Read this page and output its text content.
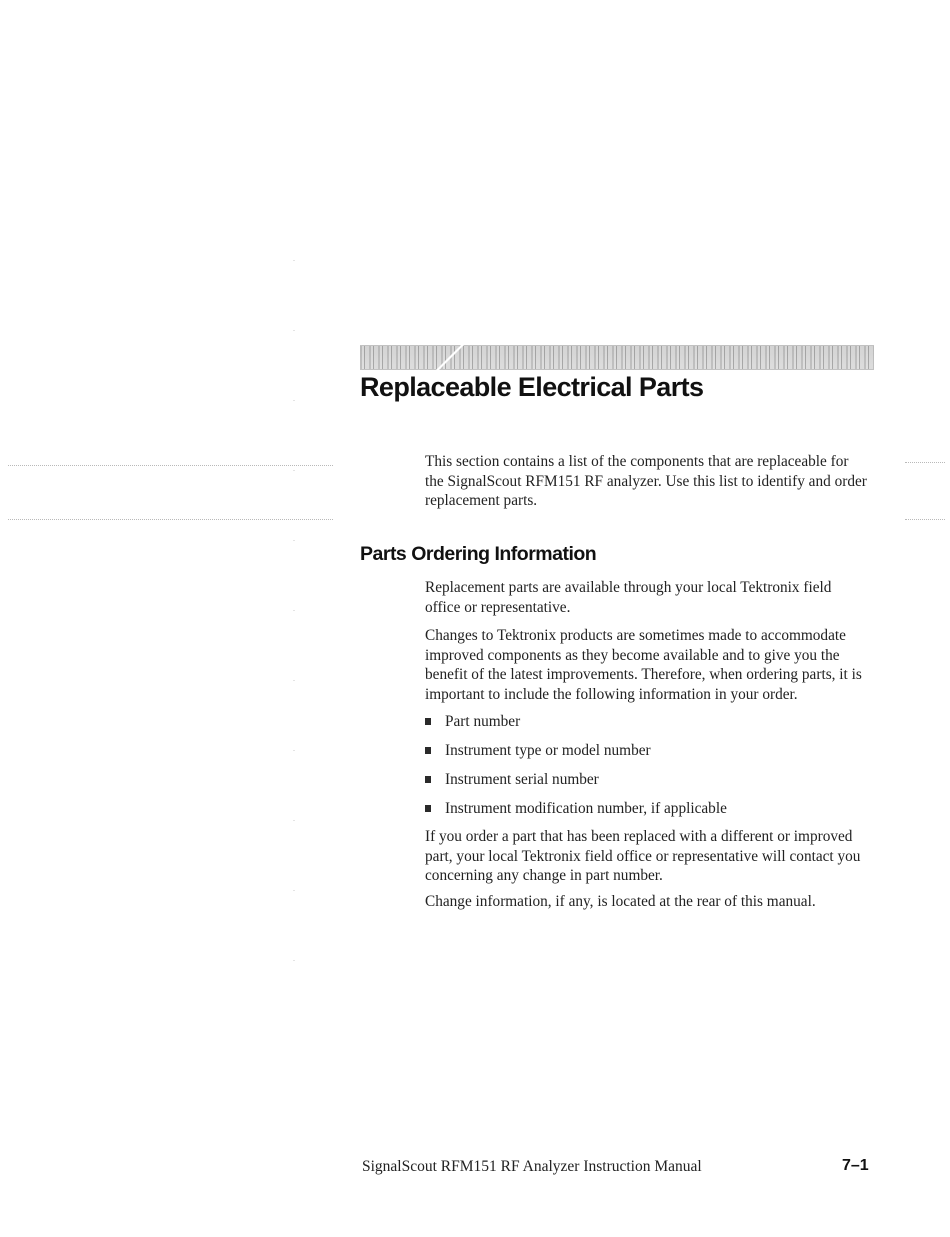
Replaceable Electrical Parts

This section contains a list of the components that are replaceable for the SignalScout RFM151 RF analyzer. Use this list to identify and order replacement parts.

Parts Ordering Information

Replacement parts are available through your local Tektronix field office or representative.

Changes to Tektronix products are sometimes made to accommodate improved components as they become available and to give you the benefit of the latest improvements. Therefore, when ordering parts, it is important to include the following information in your order.

Part number
Instrument type or model number
Instrument serial number
Instrument modification number, if applicable

If you order a part that has been replaced with a different or improved part, your local Tektronix field office or representative will contact you concerning any change in part number.

Change information, if any, is located at the rear of this manual.

SignalScout RFM151 RF Analyzer Instruction Manual	7–1
